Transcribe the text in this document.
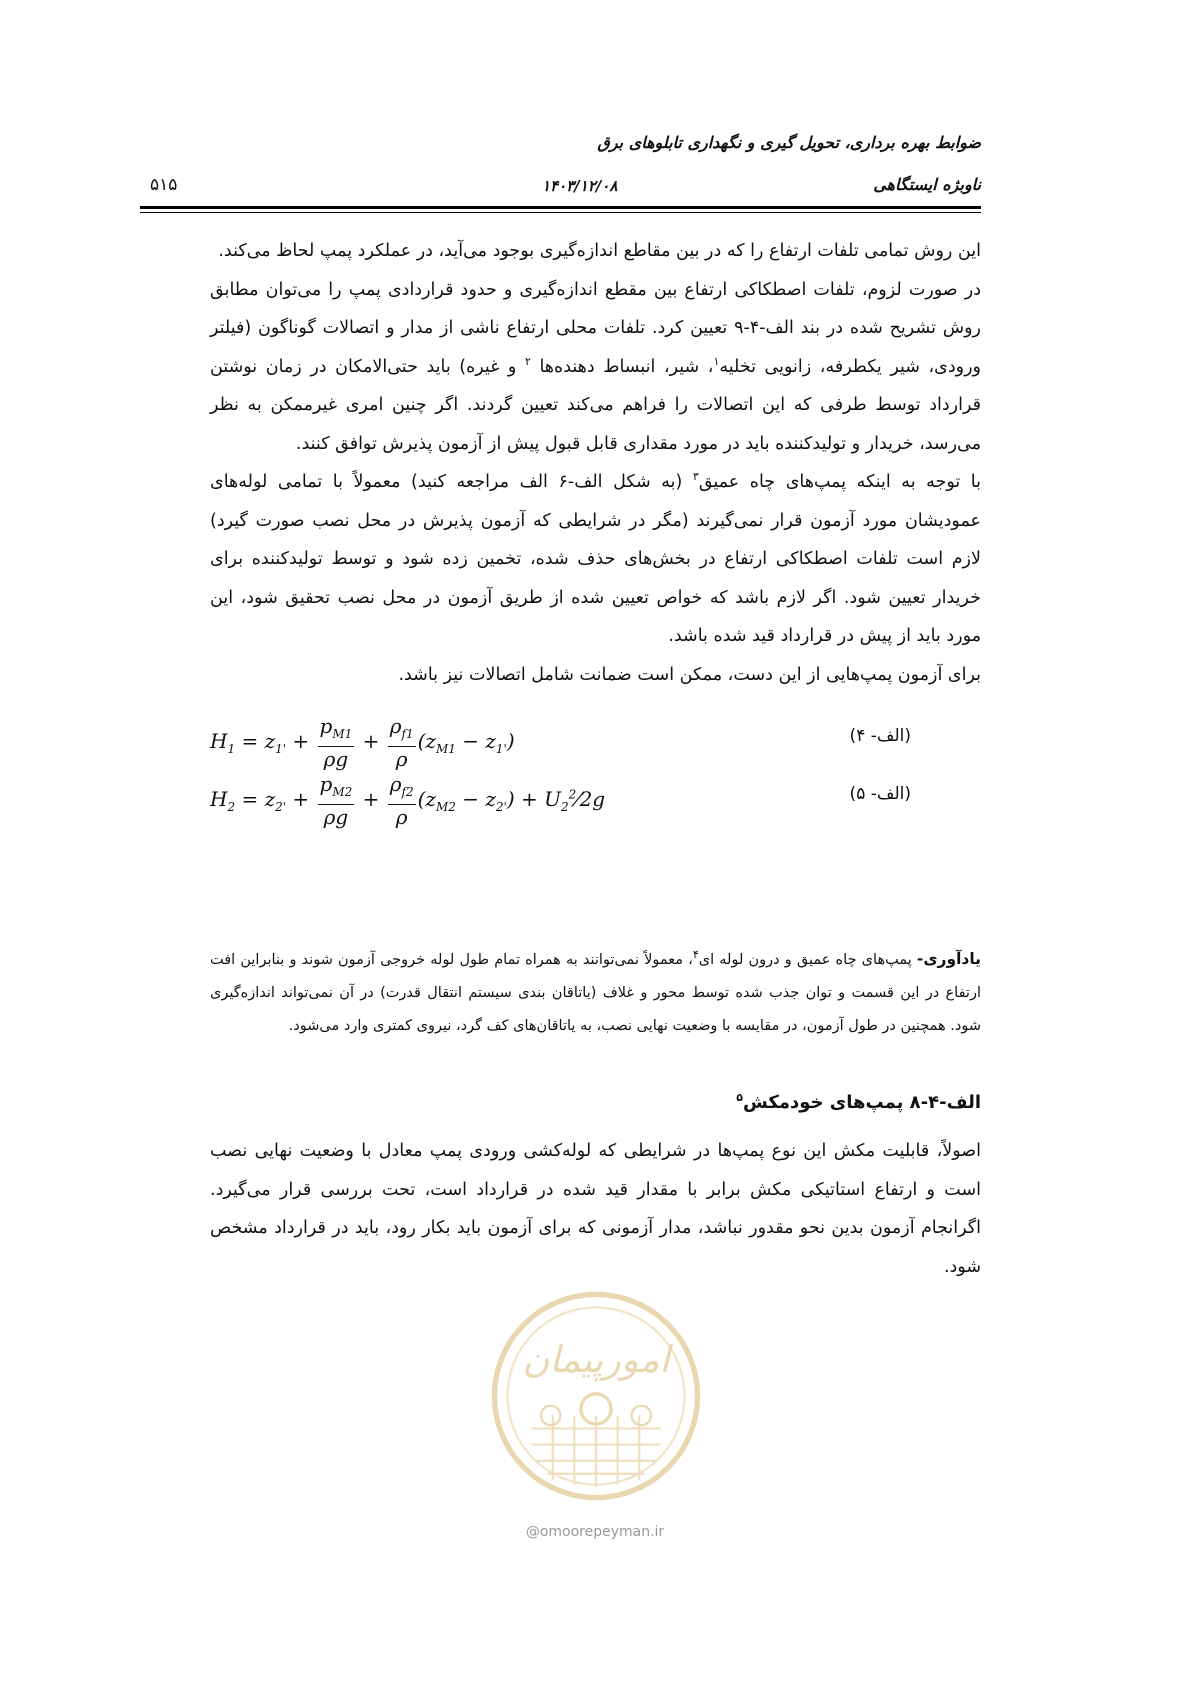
ضوابط بهره برداری، تحویل گیری و نگهداری تابلوهای برق
ناوبژه ایستگاهی
۱۴۰۳/۱۲/۰۸
۵۱۵

این روش تمامی تلفات ارتفاع را که در بین مقاطع اندازه‌گیری بوجود می‌آید، در عملکرد پمپ لحاظ می‌کند.

در صورت لزوم، تلفات اصطکاکی ارتفاع بین مقطع اندازه‌گیری و حدود قراردادی پمپ را می‌توان مطابق روش تشریح شده در بند الف-۴-۹ تعیین کرد. تلفات محلی ارتفاع ناشی از مدار و اتصالات گوناگون (فیلتر ورودی، شیر یکطرفه، زانویی تخلیه$^۱$، شیر، انبساط دهنده‌ها $^۲$ و غیره) باید حتی‌الامکان در زمان نوشتن قرارداد توسط طرفی که این اتصالات را فراهم می‌کند تعیین گردند. اگر چنین امری غیرممکن به نظر می‌رسد، خریدار و تولیدکننده باید در مورد مقداری قابل قبول پیش از آزمون پذیرش توافق کنند.

با توجه به اینکه پمپ‌های چاه عمیق$^۳$ (به شکل الف-۶ الف مراجعه کنید) معمولاً با تمامی لوله‌های عمودیشان مورد آزمون قرار نمی‌گیرند (مگر در شرایطی که آزمون پذیرش در محل نصب صورت گیرد) لازم است تلفات اصطکاکی ارتفاع در بخش‌های حذف شده، تخمین زده شود و توسط تولیدکننده برای خریدار تعیین شود. اگر لازم باشد که خواص تعیین شده از طریق آزمون در محل نصب تحقیق شود، این مورد باید از پیش در قرارداد قید شده باشد.

برای آزمون پمپ‌هایی از این دست، ممکن است ضمانت شامل اتصالات نیز باشد.

$H_1 = z_{1'} + \frac{p_{M1}}{\rho g} + \frac{\rho_{f1}}{\rho} (z_{M1} - z_{1'})$	(الف- ۴)
$H_2 = z_{2'} + \frac{p_{M2}}{\rho g} + \frac{\rho_{f2}}{\rho} (z_{M2} - z_{2'})$ + $U_2^2⁄2g$	(الف- ۵)
یادآوری- پمپ‌های چاه عمیق و درون لوله ای$^۴$، معمولاً نمی‌توانند به همراه تمام طول لوله خروجی آزمون شوند و بنابراین افت ارتفاع در این قسمت و توان جذب شده توسط محور و غلاف (یاتاقان بندی سیستم انتقال قدرت) در آن نمی‌تواند اندازه‌گیری شود. همچنین در طول آزمون، در مقایسه با وضعیت نهایی نصب، به یاتاقان‌های کف گرد، نیروی کمتری وارد می‌شود.
الف-۴-۸ پمپ‌های خودمکش$^۵$
اصولاً، قابلیت مکش این نوع پمپ‌ها در شرایطی که لوله‌کشی ورودی پمپ معادل با وضعیت نهایی نصب است و ارتفاع استاتیکی مکش برابر با مقدار قید شده در قرارداد است، تحت بررسی قرار می‌گیرد. اگرانجام آزمون بدین نحو مقدور نباشد، مدار آزمونی که برای آزمون باید بکار رود، باید در قرارداد مشخص شود.
امورپیمان
@omoorepeyman.ir
